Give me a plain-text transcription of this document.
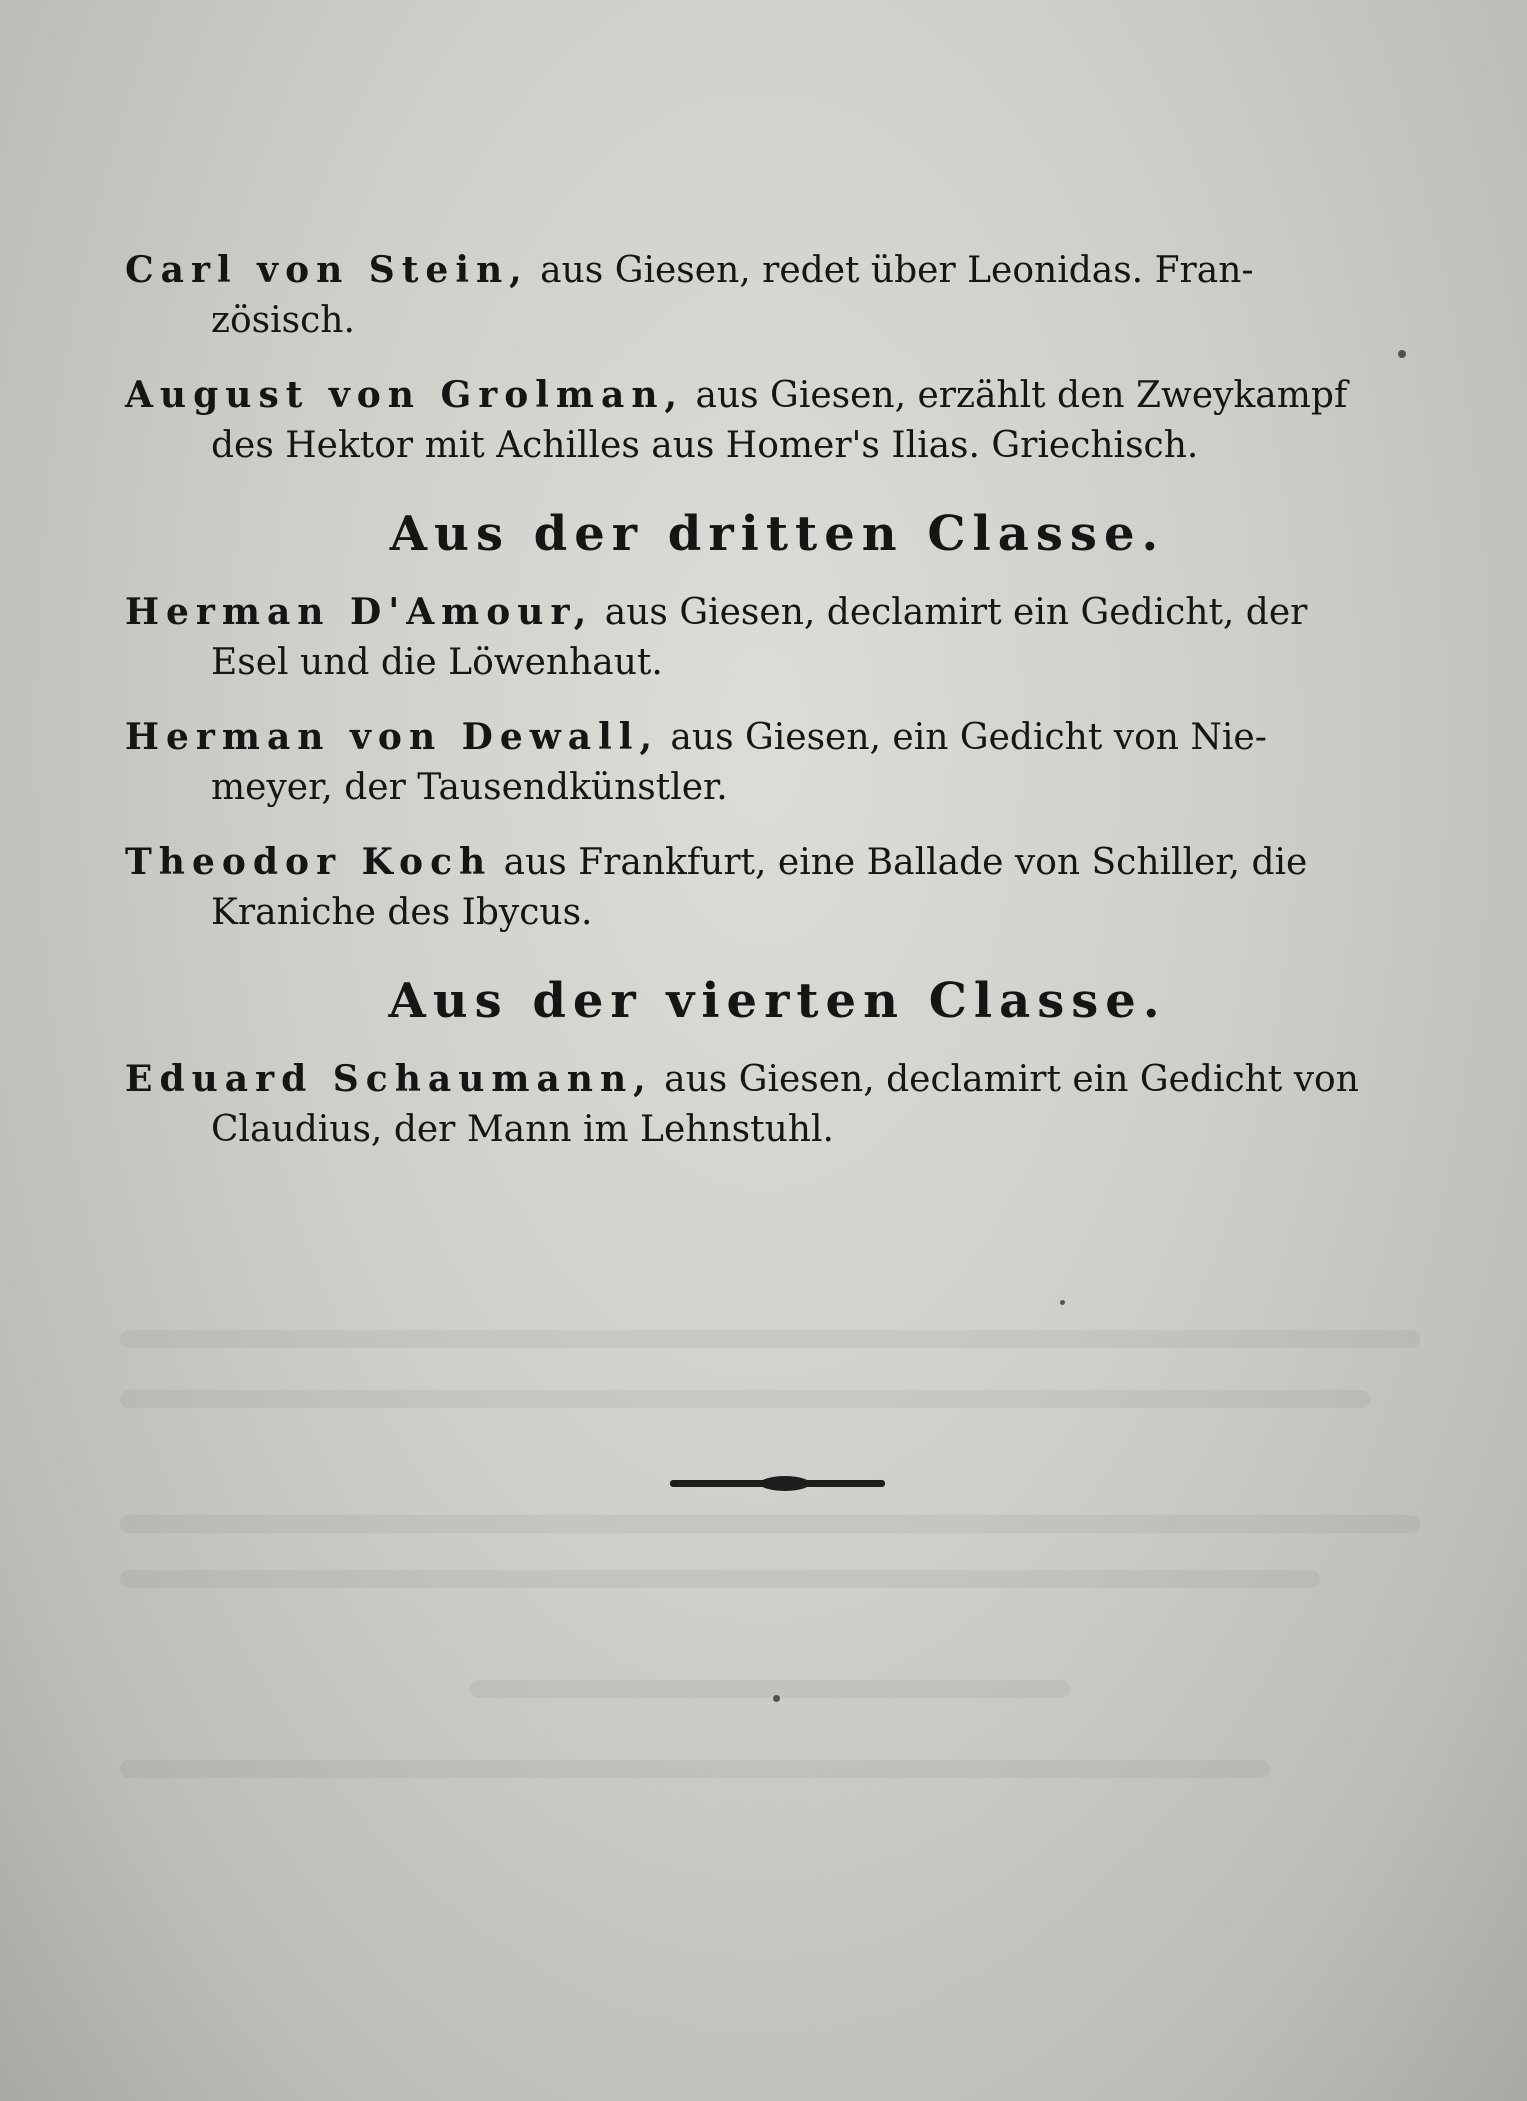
Carl von Stein, aus Giesen, redet über Leonidas. Fran-
zösisch.
August von Grolman, aus Giesen, erzählt den Zweykampf
des Hektor mit Achilles aus Homer's Ilias. Griechisch.
Aus der dritten Classe.
Herman D'Amour, aus Giesen, declamirt ein Gedicht, der
Esel und die Löwenhaut.
Herman von Dewall, aus Giesen, ein Gedicht von Nie-
meyer, der Tausendkünstler.
Theodor Koch aus Frankfurt, eine Ballade von Schiller, die
Kraniche des Ibycus.
Aus der vierten Classe.
Eduard Schaumann, aus Giesen, declamirt ein Gedicht von
Claudius, der Mann im Lehnstuhl.
